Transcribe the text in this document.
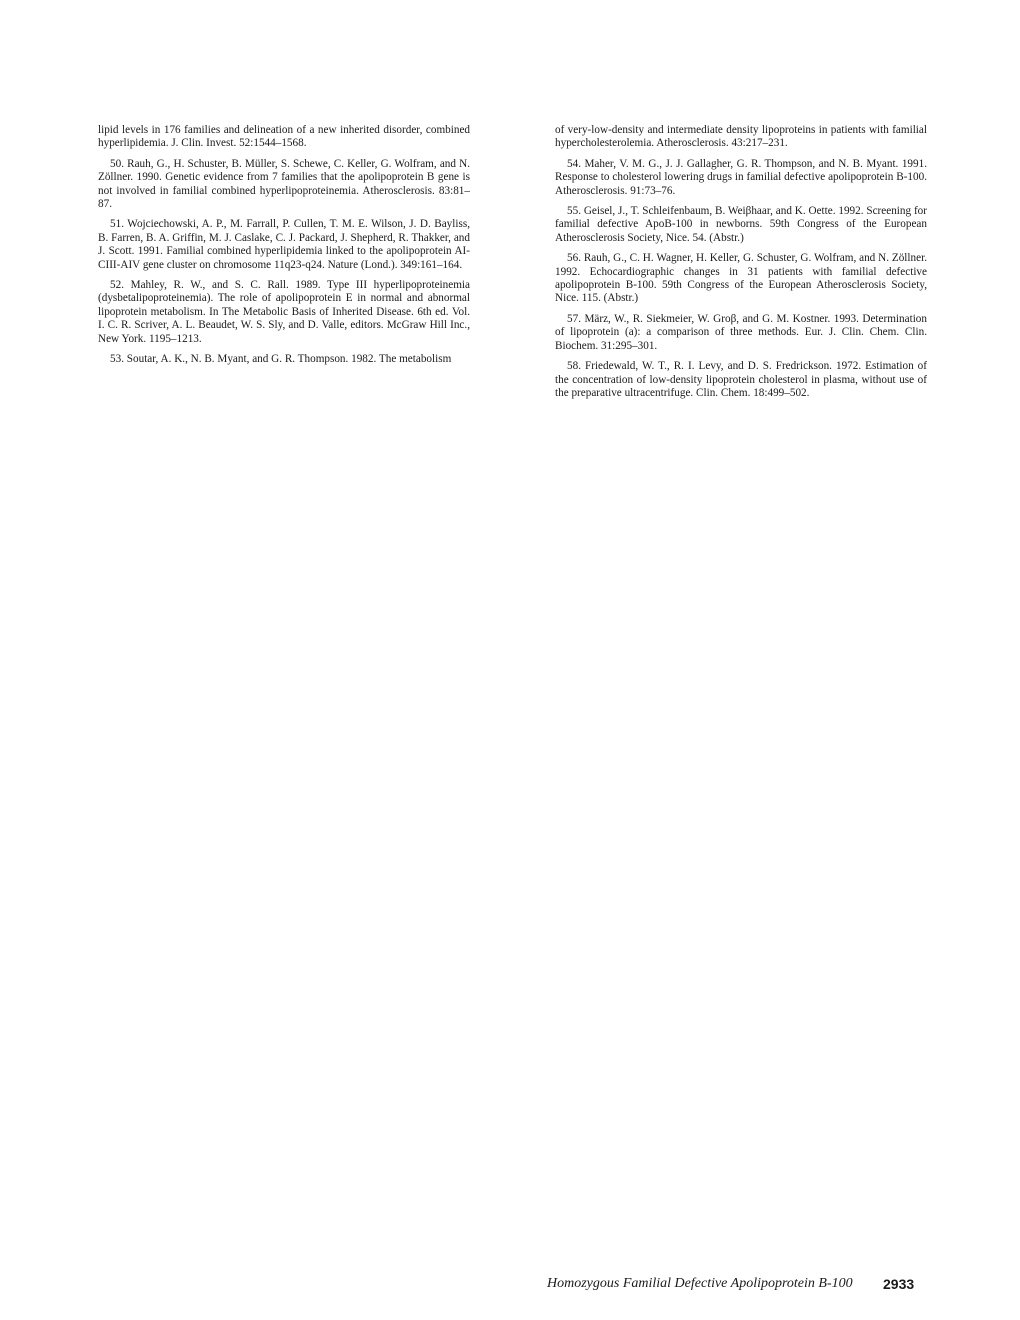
lipid levels in 176 families and delineation of a new inherited disorder, combined hyperlipidemia. J. Clin. Invest. 52:1544–1568.

50. Rauh, G., H. Schuster, B. Müller, S. Schewe, C. Keller, G. Wolfram, and N. Zöllner. 1990. Genetic evidence from 7 families that the apolipoprotein B gene is not involved in familial combined hyperlipoproteinemia. Atherosclerosis. 83:81–87.

51. Wojciechowski, A. P., M. Farrall, P. Cullen, T. M. E. Wilson, J. D. Bayliss, B. Farren, B. A. Griffin, M. J. Caslake, C. J. Packard, J. Shepherd, R. Thakker, and J. Scott. 1991. Familial combined hyperlipidemia linked to the apolipoprotein AI-CIII-AIV gene cluster on chromosome 11q23-q24. Nature (Lond.). 349:161–164.

52. Mahley, R. W., and S. C. Rall. 1989. Type III hyperlipoproteinemia (dysbetalipoproteinemia). The role of apolipoprotein E in normal and abnormal lipoprotein metabolism. In The Metabolic Basis of Inherited Disease. 6th ed. Vol. I. C. R. Scriver, A. L. Beaudet, W. S. Sly, and D. Valle, editors. McGraw Hill Inc., New York. 1195–1213.

53. Soutar, A. K., N. B. Myant, and G. R. Thompson. 1982. The metabolism

of very-low-density and intermediate density lipoproteins in patients with familial hypercholesterolemia. Atherosclerosis. 43:217–231.

54. Maher, V. M. G., J. J. Gallagher, G. R. Thompson, and N. B. Myant. 1991. Response to cholesterol lowering drugs in familial defective apolipoprotein B-100. Atherosclerosis. 91:73–76.

55. Geisel, J., T. Schleifenbaum, B. Weiβhaar, and K. Oette. 1992. Screening for familial defective ApoB-100 in newborns. 59th Congress of the European Atherosclerosis Society, Nice. 54. (Abstr.)

56. Rauh, G., C. H. Wagner, H. Keller, G. Schuster, G. Wolfram, and N. Zöllner. 1992. Echocardiographic changes in 31 patients with familial defective apolipoprotein B-100. 59th Congress of the European Atherosclerosis Society, Nice. 115. (Abstr.)

57. März, W., R. Siekmeier, W. Groβ, and G. M. Kostner. 1993. Determination of lipoprotein (a): a comparison of three methods. Eur. J. Clin. Chem. Clin. Biochem. 31:295–301.

58. Friedewald, W. T., R. I. Levy, and D. S. Fredrickson. 1972. Estimation of the concentration of low-density lipoprotein cholesterol in plasma, without use of the preparative ultracentrifuge. Clin. Chem. 18:499–502.

Homozygous Familial Defective Apolipoprotein B-100 2933
